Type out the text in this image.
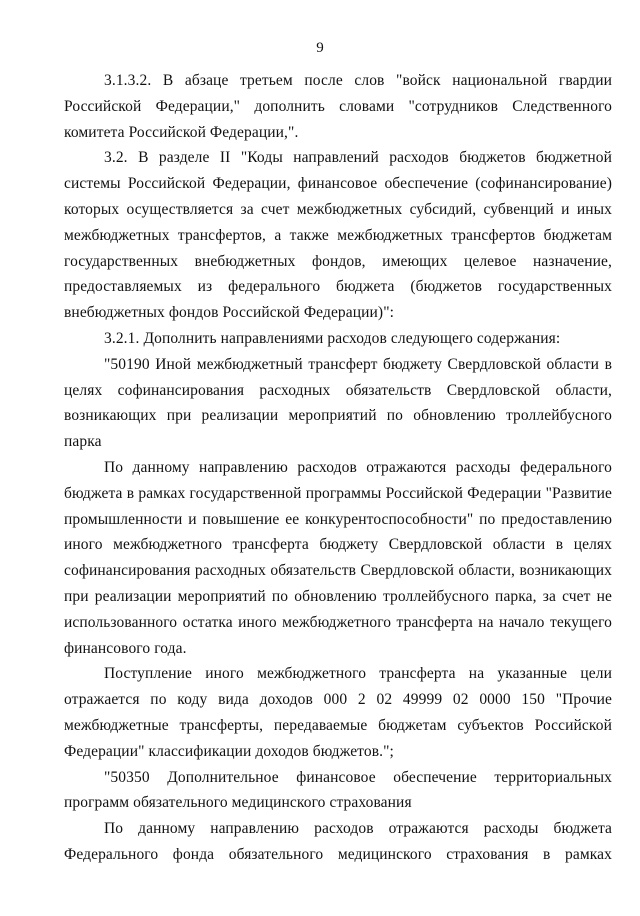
9

3.1.3.2. В абзаце третьем после слов "войск национальной гвардии Российской Федерации," дополнить словами "сотрудников Следственного комитета Российской Федерации,".

3.2. В разделе II "Коды направлений расходов бюджетов бюджетной системы Российской Федерации, финансовое обеспечение (софинансирование) которых осуществляется за счет межбюджетных субсидий, субвенций и иных межбюджетных трансфертов, а также межбюджетных трансфертов бюджетам государственных внебюджетных фондов, имеющих целевое назначение, предоставляемых из федерального бюджета (бюджетов государственных внебюджетных фондов Российской Федерации)":

3.2.1. Дополнить направлениями расходов следующего содержания:

"50190 Иной межбюджетный трансферт бюджету Свердловской области в целях софинансирования расходных обязательств Свердловской области, возникающих при реализации мероприятий по обновлению троллейбусного парка

По данному направлению расходов отражаются расходы федерального бюджета в рамках государственной программы Российской Федерации "Развитие промышленности и повышение ее конкурентоспособности" по предоставлению иного межбюджетного трансферта бюджету Свердловской области в целях софинансирования расходных обязательств Свердловской области, возникающих при реализации мероприятий по обновлению троллейбусного парка, за счет не использованного остатка иного межбюджетного трансферта на начало текущего финансового года.

Поступление иного межбюджетного трансферта на указанные цели отражается по коду вида доходов 000 2 02 49999 02 0000 150 "Прочие межбюджетные трансферты, передаваемые бюджетам субъектов Российской Федерации" классификации доходов бюджетов.";

"50350 Дополнительное финансовое обеспечение территориальных программ обязательного медицинского страхования

По данному направлению расходов отражаются расходы бюджета Федерального фонда обязательного медицинского страхования в рамках
